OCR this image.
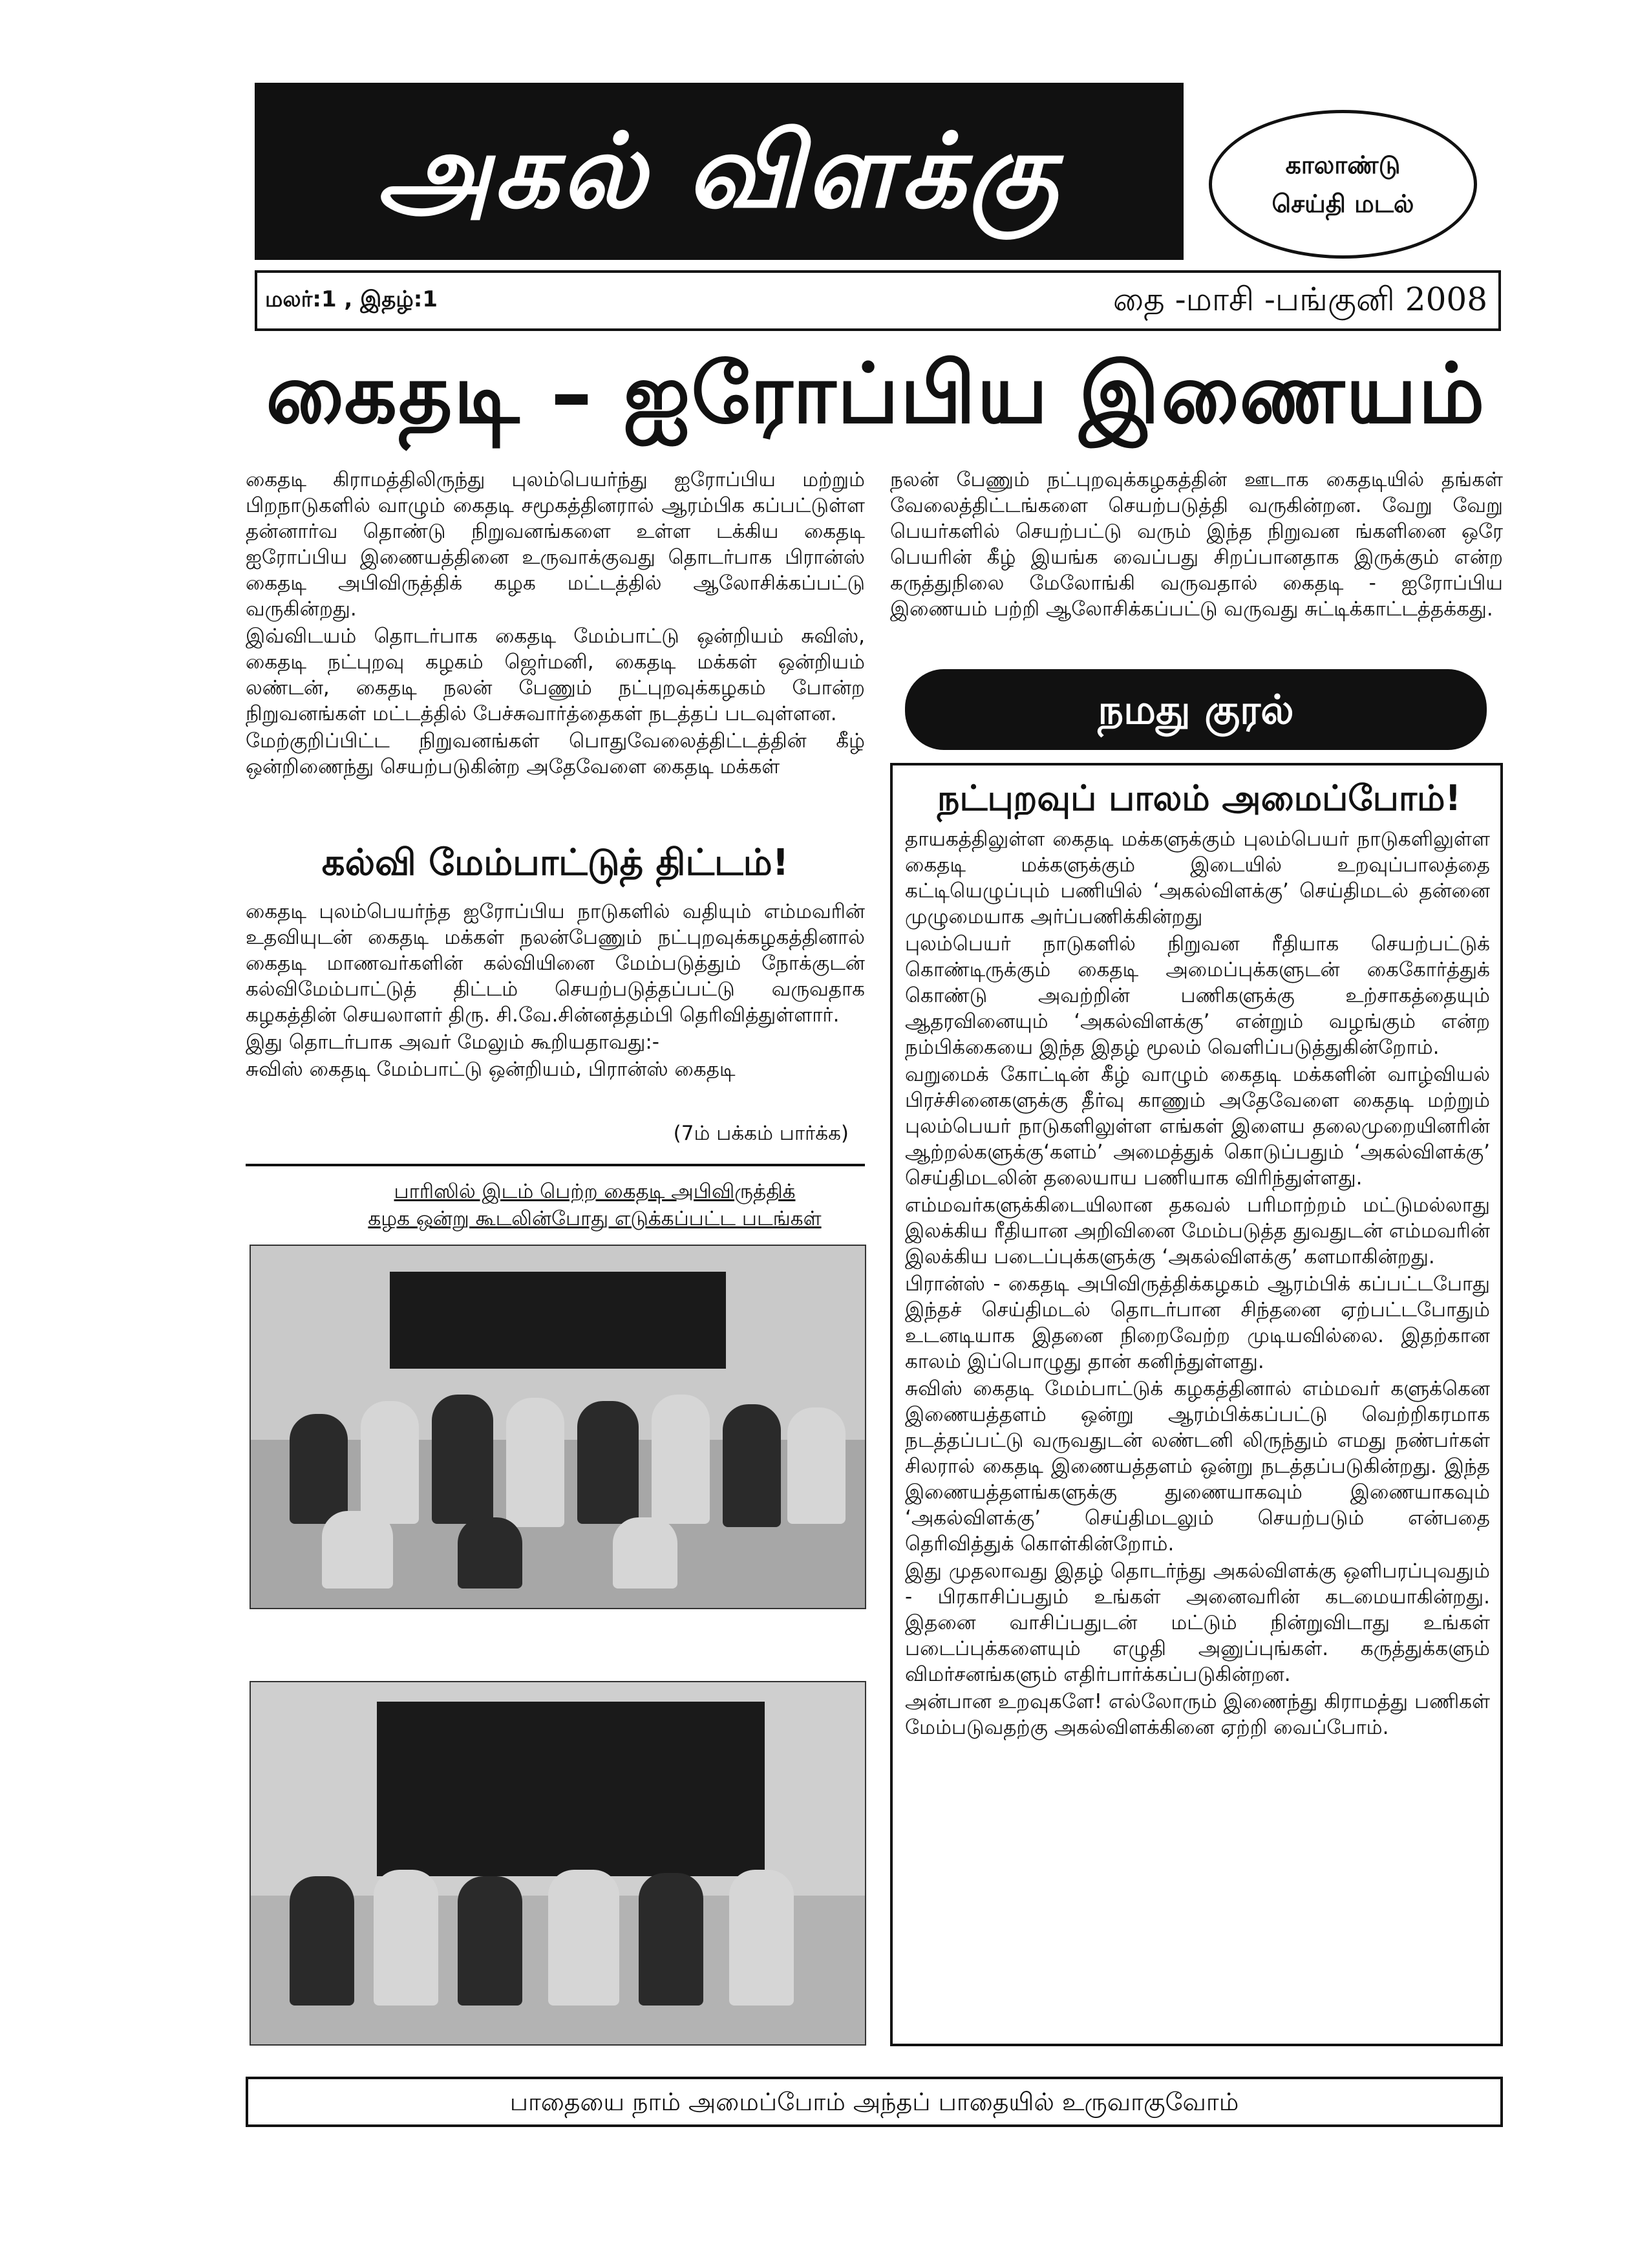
அகல் விளக்கு	காலாண்டு
செய்தி மடல்
மலர்:1 , இதழ்:1	தை -மாசி -பங்குனி 2008
கைதடி – ஐரோப்பிய இணையம்

கைதடி கிராமத்திலிருந்து புலம்பெயர்ந்து ஐரோப்பிய மற்றும் பிறநாடுகளில் வாழும் கைதடி சமூகத்தினரால் ஆரம்பிக கப்பட்டுள்ள தன்னார்வ தொண்டு நிறுவனங்களை உள்ள டக்கிய கைதடி ஐரோப்பிய இணையத்தினை உருவாக்குவது தொடர்பாக பிரான்ஸ் கைதடி அபிவிருத்திக் கழக மட்டத்தில் ஆலோசிக்கப்பட்டு வருகின்றது.

இவ்விடயம் தொடர்பாக கைதடி மேம்பாட்டு ஒன்றியம் சுவிஸ், கைதடி நட்புறவு கழகம் ஜெர்மனி, கைதடி மக்கள் ஒன்றியம் லண்டன், கைதடி நலன் பேணும் நட்புறவுக்கழகம் போன்ற நிறுவனங்கள் மட்டத்தில் பேச்சுவார்த்தைகள் நடத்தப் படவுள்ளன.

மேற்குறிப்பிட்ட நிறுவனங்கள் பொதுவேலைத்திட்டத்தின் கீழ் ஒன்றிணைந்து செயற்படுகின்ற அதேவேளை கைதடி மக்கள்

நலன் பேணும் நட்புறவுக்கழகத்தின் ஊடாக கைதடியில் தங்கள் வேலைத்திட்டங்களை செயற்படுத்தி வருகின்றன. வேறு வேறு பெயர்களில் செயற்பட்டு வரும் இந்த நிறுவன ங்களினை ஒரே பெயரின் கீழ் இயங்க வைப்பது சிறப்பானதாக இருக்கும் என்ற கருத்துநிலை மேலோங்கி வருவதால் கைதடி - ஐரோப்பிய இணையம் பற்றி ஆலோசிக்கப்பட்டு வருவது சுட்டிக்காட்டத்தக்கது.

கல்வி மேம்பாட்டுத் திட்டம்!

கைதடி புலம்பெயர்ந்த ஐரோப்பிய நாடுகளில் வதியும் எம்மவரின் உதவியுடன் கைதடி மக்கள் நலன்பேணும் நட்புறவுக்கழகத்தினால் கைதடி மாணவர்களின் கல்வியினை மேம்படுத்தும் நோக்குடன் கல்விமேம்பாட்டுத் திட்டம் செயற்படுத்தப்பட்டு வருவதாக கழகத்தின் செயலாளர் திரு. சி.வே.சின்னத்தம்பி தெரிவித்துள்ளார்.

இது தொடர்பாக அவர் மேலும் கூறியதாவது:-

சுவிஸ் கைதடி மேம்பாட்டு ஒன்றியம், பிரான்ஸ் கைதடி

(7ம் பக்கம் பார்க்க)
பாரிஸில் இடம் பெற்ற கைதடி அபிவிருத்திக்
கழக ஒன்று கூடலின்போது எடுக்கப்பட்ட படங்கள்
நமது குரல்
நட்புறவுப் பாலம் அமைப்போம்!

தாயகத்திலுள்ள கைதடி மக்களுக்கும் புலம்பெயர் நாடுகளிலுள்ள கைதடி மக்களுக்கும் இடையில் உறவுப்பாலத்தை கட்டியெழுப்பும் பணியில் ‘அகல்விளக்கு’ செய்திமடல் தன்னை முழுமையாக அர்ப்பணிக்கின்றது

புலம்பெயர் நாடுகளில் நிறுவன ரீதியாக செயற்பட்டுக் கொண்டிருக்கும் கைதடி அமைப்புக்களுடன் கைகோர்த்துக் கொண்டு அவற்றின் பணிகளுக்கு உற்சாகத்தையும் ஆதரவினையும் ‘அகல்விளக்கு’ என்றும் வழங்கும் என்ற நம்பிக்கையை இந்த இதழ் மூலம் வெளிப்படுத்துகின்றோம்.

வறுமைக் கோட்டின் கீழ் வாழும் கைதடி மக்களின் வாழ்வியல் பிரச்சினைகளுக்கு தீர்வு காணும் அதேவேளை கைதடி மற்றும் புலம்பெயர் நாடுகளிலுள்ள எங்கள் இளைய தலைமுறையினரின் ஆற்றல்களுக்கு‘களம்’ அமைத்துக் கொடுப்பதும் ‘அகல்விளக்கு’ செய்திமடலின் தலையாய பணியாக விரிந்துள்ளது.

எம்மவர்களுக்கிடையிலான தகவல் பரிமாற்றம் மட்டுமல்லாது இலக்கிய ரீதியான அறிவினை மேம்படுத்த துவதுடன் எம்மவரின் இலக்கிய படைப்புக்களுக்கு ‘அகல்விளக்கு’ களமாகின்றது.

பிரான்ஸ் - கைதடி அபிவிருத்திக்கழகம் ஆரம்பிக் கப்பட்டபோது இந்தச் செய்திமடல் தொடர்பான சிந்தனை ஏற்பட்டபோதும் உடனடியாக இதனை நிறைவேற்ற முடியவில்லை. இதற்கான காலம் இப்பொழுது தான் கனிந்துள்ளது.

சுவிஸ் கைதடி மேம்பாட்டுக் கழகத்தினால் எம்மவர் களுக்கென இணையத்தளம் ஒன்று ஆரம்பிக்கப்பட்டு வெற்றிகரமாக நடத்தப்பட்டு வருவதுடன் லண்டனி லிருந்தும் எமது நண்பர்கள் சிலரால் கைதடி இணையத்தளம் ஒன்று நடத்தப்படுகின்றது. இந்த இணையத்தளங்களுக்கு துணையாகவும் இணையாகவும் ‘அகல்விளக்கு’ செய்திமடலும் செயற்படும் என்பதை தெரிவித்துக் கொள்கின்றோம்.

இது முதலாவது இதழ் தொடர்ந்து அகல்விளக்கு ஒளிபரப்புவதும் - பிரகாசிப்பதும் உங்கள் அனைவரின் கடமையாகின்றது. இதனை வாசிப்பதுடன் மட்டும் நின்றுவிடாது உங்கள் படைப்புக்களையும் எழுதி அனுப்புங்கள். கருத்துக்களும் விமர்சனங்களும் எதிர்பார்க்கப்படுகின்றன.

அன்பான உறவுகளே! எல்லோரும் இணைந்து கிராமத்து பணிகள் மேம்படுவதற்கு அகல்விளக்கினை ஏற்றி வைப்போம்.

பாதையை நாம் அமைப்போம் அந்தப் பாதையில் உருவாகுவோம்
